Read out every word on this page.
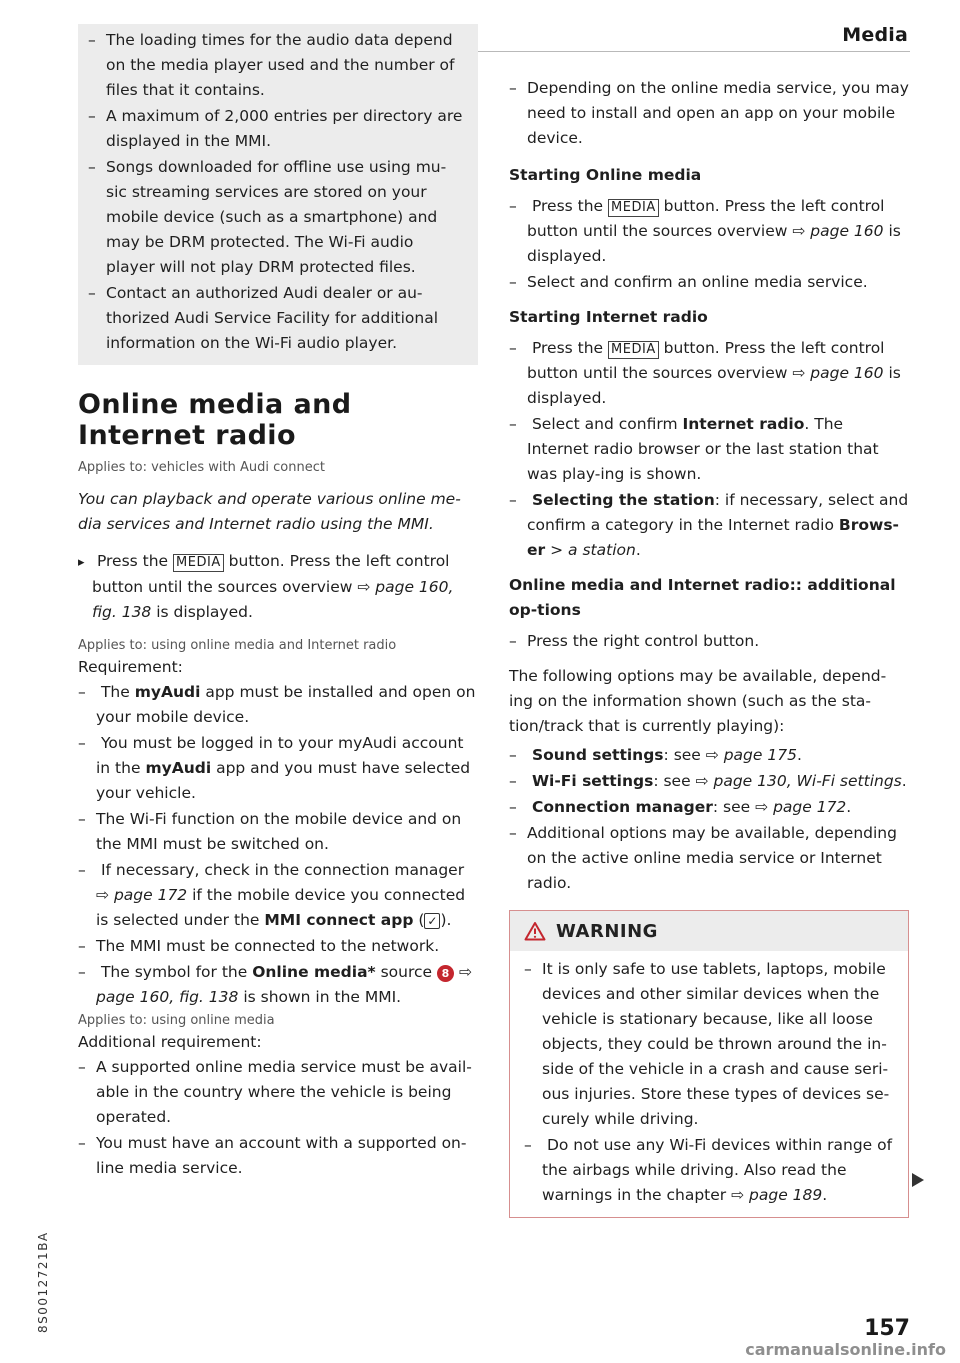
Media
8S0012721BA

– The loading times for the audio data depend on the media player used and the number of files that it contains.

– A maximum of 2,000 entries per directory are displayed in the MMI.

– Songs downloaded for offline use using mu-sic streaming services are stored on your mobile device (such as a smartphone) and may be DRM protected. The Wi-Fi audio player will not play DRM protected files.

– Contact an authorized Audi dealer or au-thorized Audi Service Facility for additional information on the Wi-Fi audio player.

Online media and Internet radio

Applies to: vehicles with Audi connect

You can playback and operate various online me-dia services and Internet radio using the MMI.

▸ Press the MEDIA button. Press the left control button until the sources overview ⇨ page 160, fig. 138 is displayed.

Applies to: using online media and Internet radio

Requirement:

– The myAudi app must be installed and open on your mobile device.

– You must be logged in to your myAudi account in the myAudi app and you must have selected your vehicle.

– The Wi-Fi function on the mobile device and on the MMI must be switched on.

– If necessary, check in the connection manager ⇨ page 172 if the mobile device you connected is selected under the MMI connect app ( ✓ ).

– The MMI must be connected to the network.

– The symbol for the Online media* source 8 ⇨ page 160, fig. 138 is shown in the MMI.

Applies to: using online media

Additional requirement:

– A supported online media service must be avail-able in the country where the vehicle is being operated.

– You must have an account with a supported on-line media service.

– Depending on the online media service, you may need to install and open an app on your mobile device.

Starting Online media

– Press the MEDIA button. Press the left control button until the sources overview ⇨ page 160 is displayed.

– Select and confirm an online media service.

Starting Internet radio

– Press the MEDIA button. Press the left control button until the sources overview ⇨ page 160 is displayed.

– Select and confirm Internet radio. The Internet radio browser or the last station that was play-ing is shown.

– Selecting the station: if necessary, select and confirm a category in the Internet radio Brows-er > a station.

Online media and Internet radio:: additional op-tions

– Press the right control button.

The following options may be available, depend-ing on the information shown (such as the sta-tion/track that is currently playing):

– Sound settings: see ⇨ page 175.

– Wi-Fi settings: see ⇨ page 130, Wi-Fi settings.

– Connection manager: see ⇨ page 172.

– Additional options may be available, depending on the active online media service or Internet radio.

WARNING

– It is only safe to use tablets, laptops, mobile devices and other similar devices when the vehicle is stationary because, like all loose objects, they could be thrown around the in-side of the vehicle in a crash and cause seri-ous injuries. Store these types of devices se-curely while driving.

– Do not use any Wi-Fi devices within range of the airbags while driving. Also read the warnings in the chapter ⇨ page 189.

157
carmanualsonline.info
